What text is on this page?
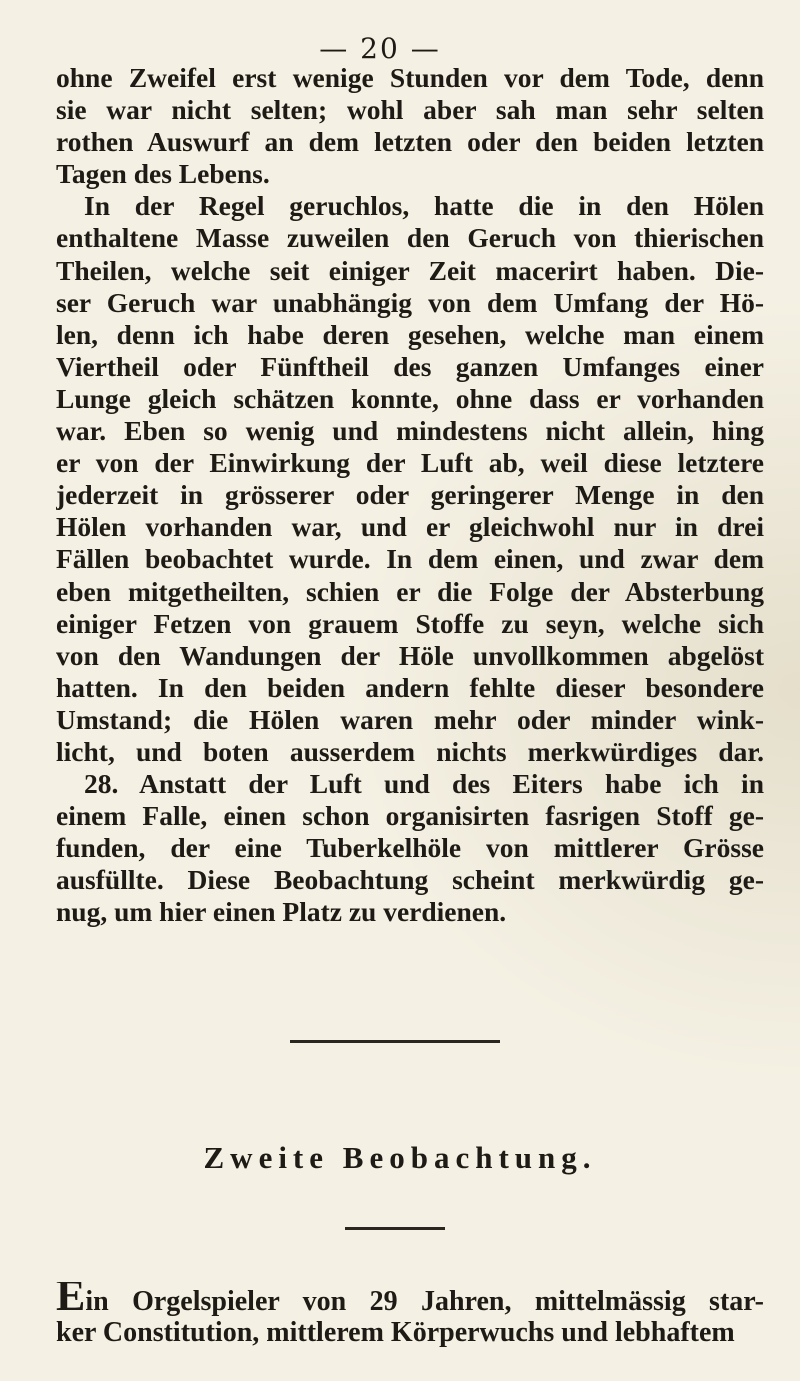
— 20 —
ohne Zweifel erst wenige Stunden vor dem Tode, denn
sie war nicht selten; wohl aber sah man sehr selten
rothen Auswurf an dem letzten oder den beiden letzten
Tagen des Lebens.
In der Regel geruchlos, hatte die in den Hölen
enthaltene Masse zuweilen den Geruch von thierischen
Theilen, welche seit einiger Zeit macerirt haben. Die-
ser Geruch war unabhängig von dem Umfang der Hö-
len, denn ich habe deren gesehen, welche man einem
Viertheil oder Fünftheil des ganzen Umfanges einer
Lunge gleich schätzen konnte, ohne dass er vorhanden
war. Eben so wenig und mindestens nicht allein, hing
er von der Einwirkung der Luft ab, weil diese letztere
jederzeit in grösserer oder geringerer Menge in den
Hölen vorhanden war, und er gleichwohl nur in drei
Fällen beobachtet wurde. In dem einen, und zwar dem
eben mitgetheilten, schien er die Folge der Absterbung
einiger Fetzen von grauem Stoffe zu seyn, welche sich
von den Wandungen der Höle unvollkommen abgelöst
hatten. In den beiden andern fehlte dieser besondere
Umstand; die Hölen waren mehr oder minder wink-
licht, und boten ausserdem nichts merkwürdiges dar.
28. Anstatt der Luft und des Eiters habe ich in
einem Falle, einen schon organisirten fasrigen Stoff ge-
funden, der eine Tuberkelhöle von mittlerer Grösse
ausfüllte. Diese Beobachtung scheint merkwürdig ge-
nug, um hier einen Platz zu verdienen.
Zweite Beobachtung.
Ein Orgelspieler von 29 Jahren, mittelmässig star-
ker Constitution, mittlerem Körperwuchs und lebhaftem
